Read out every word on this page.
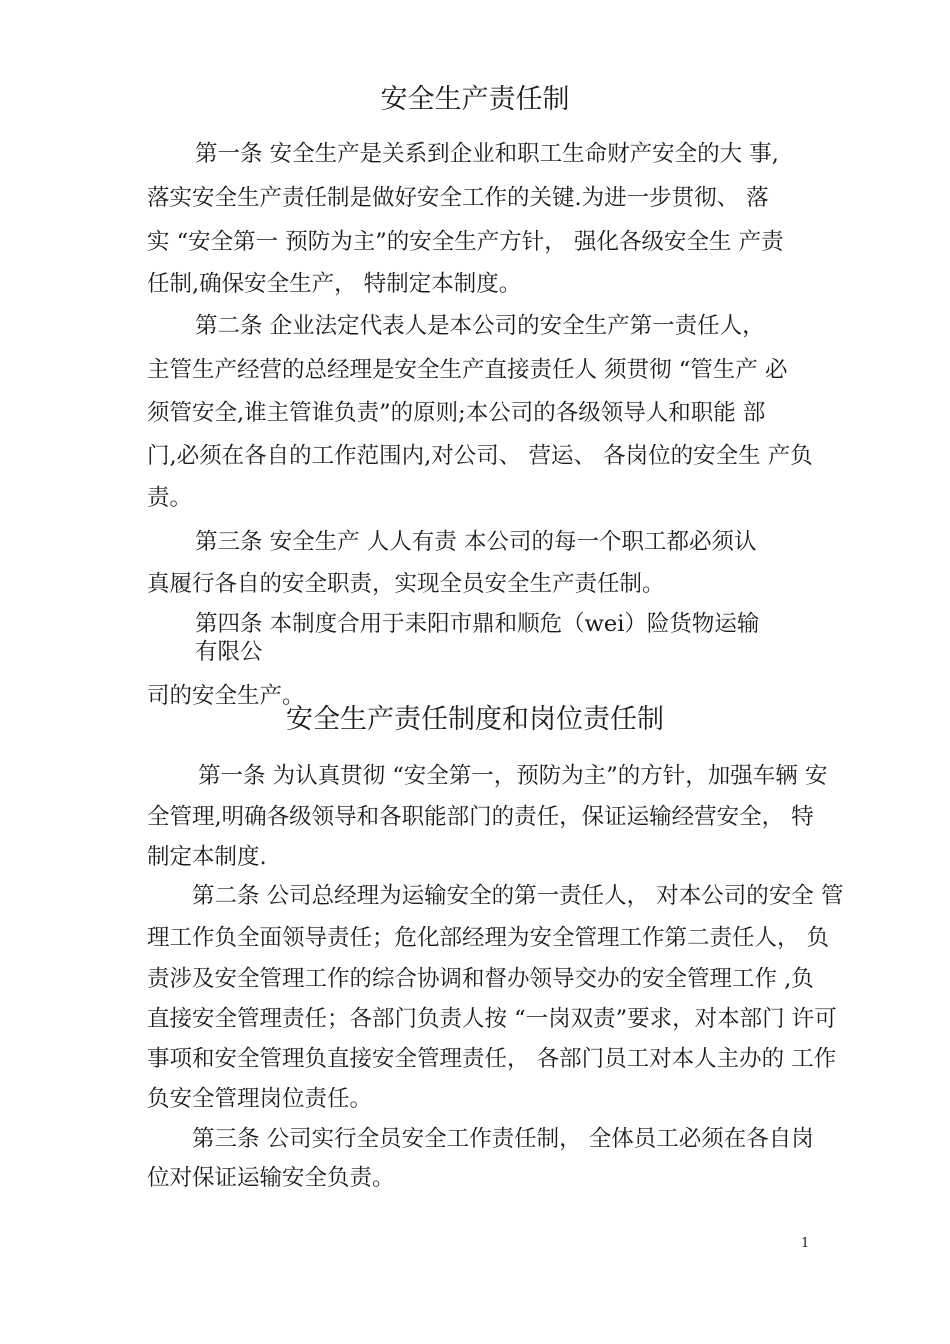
安全生产责任制
第一条 安全生产是关系到企业和职工生命财产安全的大 事,
落实安全生产责任制是做好安全工作的关键.为进一步贯彻、 落
实 “安全第一 预防为主”的安全生产方针， 强化各级安全生 产责
任制,确保安全生产， 特制定本制度。
第二条 企业法定代表人是本公司的安全生产第一责任人，
主管生产经营的总经理是安全生产直接责任人 须贯彻 “管生产 必
须管安全,谁主管谁负责”的原则;本公司的各级领导人和职能 部
门,必须在各自的工作范围内,对公司、 营运、 各岗位的安全生 产负
责。
第三条 安全生产 人人有责 本公司的每一个职工都必须认
真履行各自的安全职责，实现全员安全生产责任制。
第四条 本制度合用于耒阳市鼎和顺危（wei）险货物运输
有限公
司的安全生产。
安全生产责任制度和岗位责任制
第一条 为认真贯彻 “安全第一，预防为主”的方针，加强车辆 安
全管理,明确各级领导和各职能部门的责任，保证运输经营安全， 特
制定本制度.
第二条 公司总经理为运输安全的第一责任人， 对本公司的安全 管
理工作负全面领导责任；危化部经理为安全管理工作第二责任人， 负
责涉及安全管理工作的综合协调和督办领导交办的安全管理工作 ,负
直接安全管理责任；各部门负责人按 “一岗双责”要求，对本部门 许可
事项和安全管理负直接安全管理责任， 各部门员工对本人主办的 工作
负安全管理岗位责任。
第三条 公司实行全员安全工作责任制， 全体员工必须在各自岗
位对保证运输安全负责。
1
